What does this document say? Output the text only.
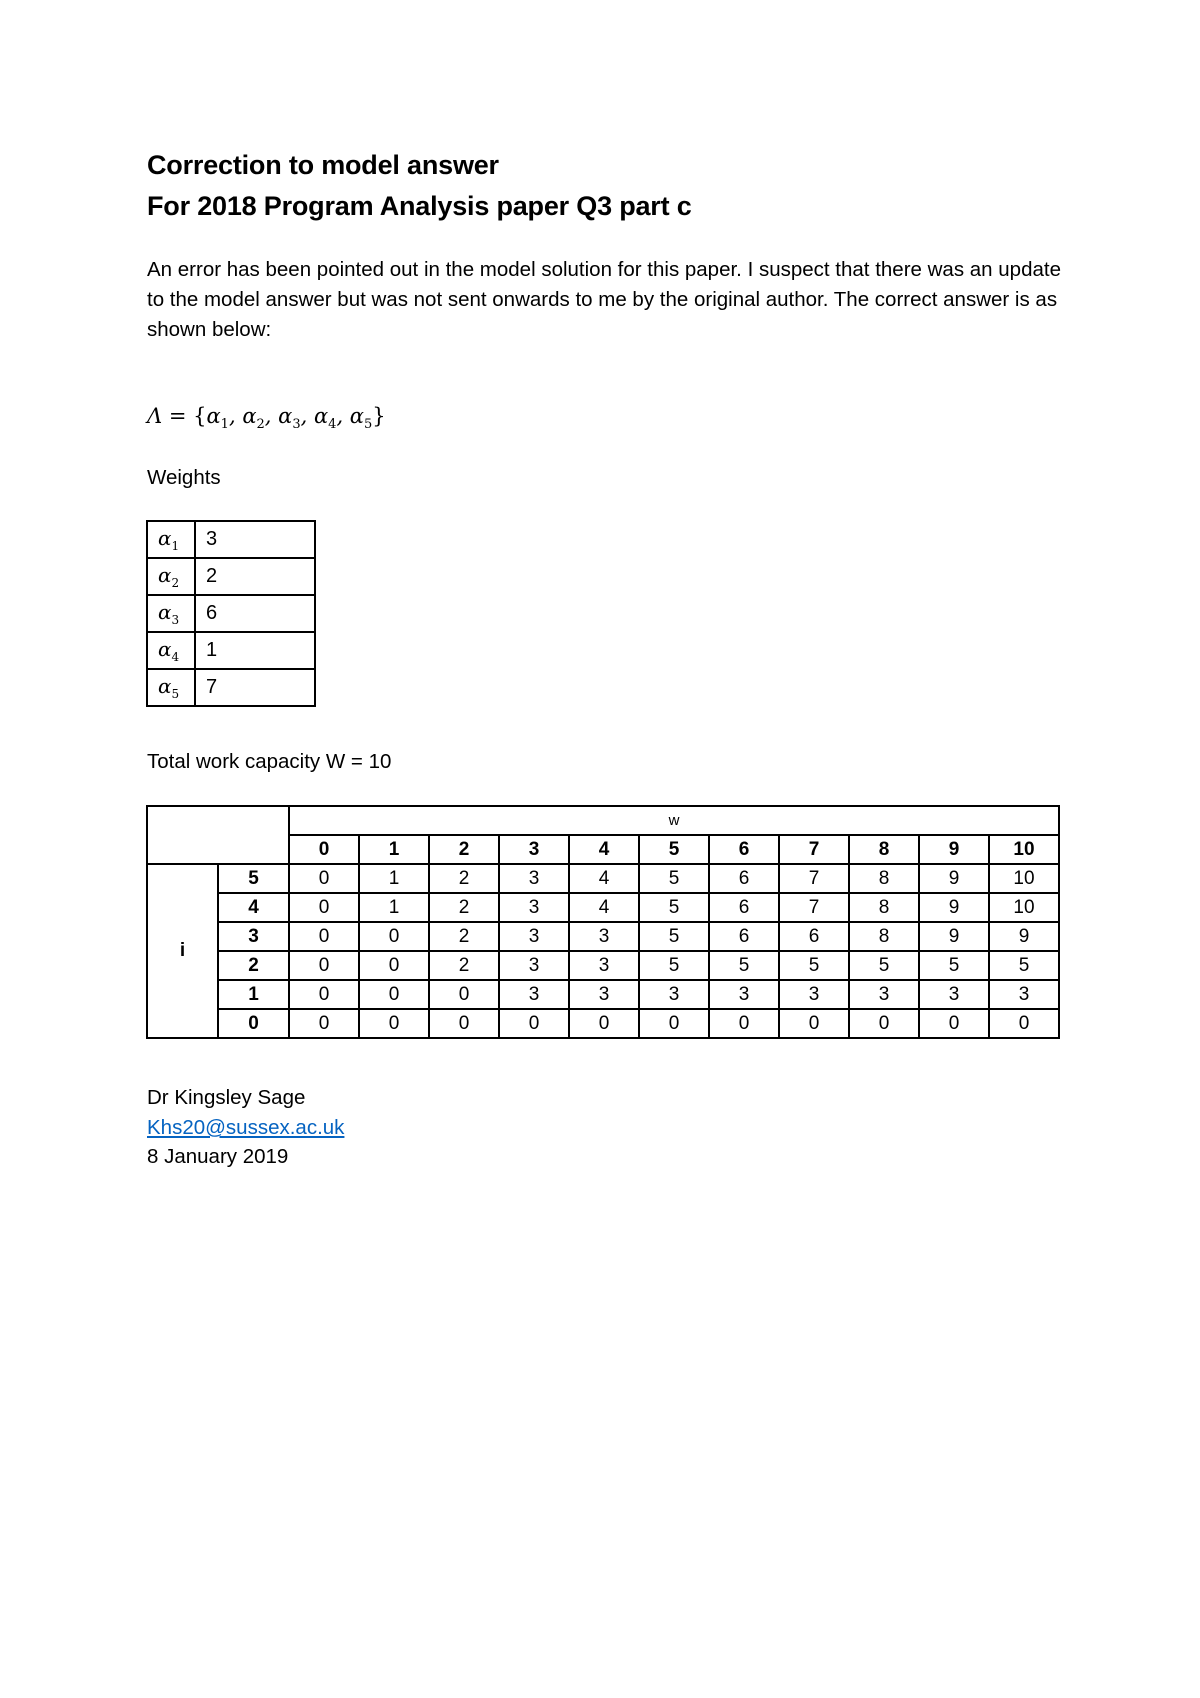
Correction to model answer
For 2018 Program Analysis paper Q3 part c
An error has been pointed out in the model solution for this paper. I suspect that there was an update to the model answer but was not sent onwards to me by the original author. The correct answer is as shown below:
$\Lambda = \{\alpha_1$, $\alpha_2$, $\alpha_3$, $\alpha_4$, $\alpha_5$}
Weights
$\alpha_1$	3
$\alpha_2$	2
$\alpha_3$	6
$\alpha_4$	1
$\alpha_5$	7
Total work capacity W = 10
		w										
		0	1	2	3	4	5	6	7	8	9	10
i	5	0	1	2	3	4	5	6	7	8	9	10
	4	0	1	2	3	4	5	6	7	8	9	10
	3	0	0	2	3	3	5	6	6	8	9	9
	2	0	0	2	3	3	5	5	5	5	5	5
	1	0	0	0	3	3	3	3	3	3	3	3
	0	0	0	0	0	0	0	0	0	0	0	0
Dr Kingsley Sage
Khs20@sussex.ac.uk
8 January 2019
